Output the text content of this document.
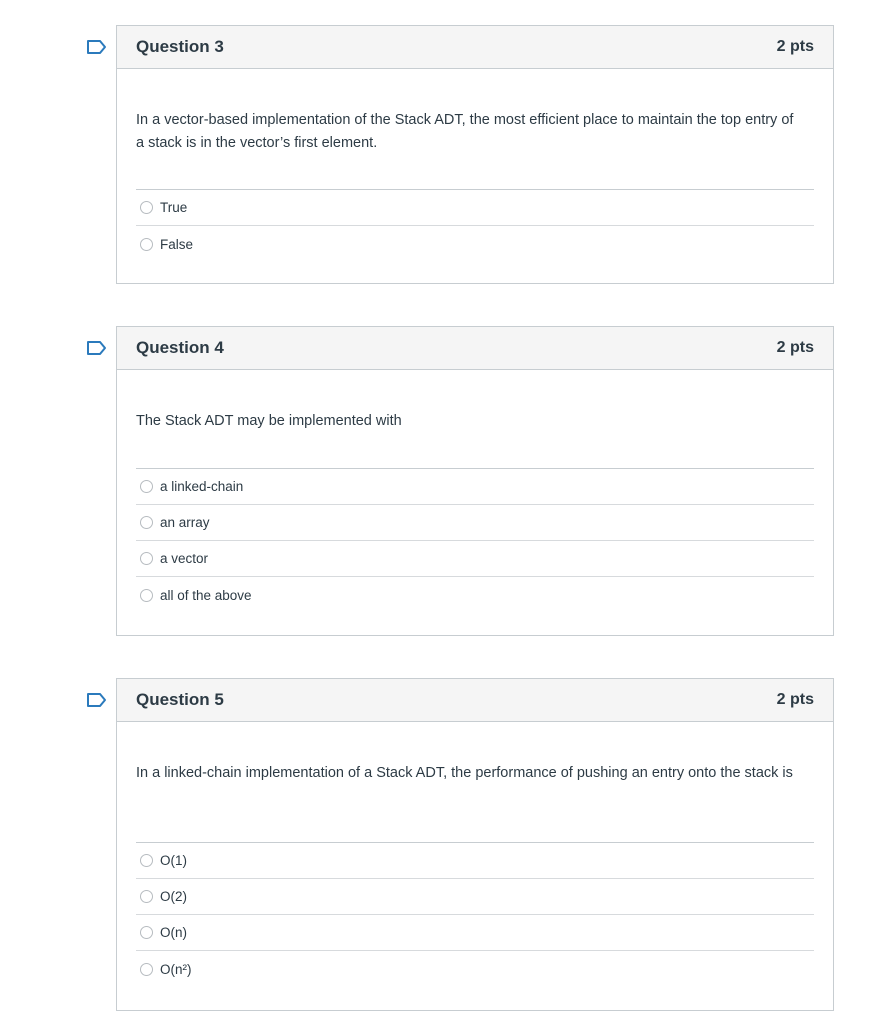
Question 3	2 pts

In a vector-based implementation of the Stack ADT, the most efficient place to maintain the top entry of a stack is in the vector’s first element.

True
False
Question 4	2 pts

The Stack ADT may be implemented with

a linked-chain
an array
a vector
all of the above
Question 5	2 pts

In a linked-chain implementation of a Stack ADT, the performance of pushing an entry onto the stack is

O(1)
O(2)
O(n)
O(n²)
